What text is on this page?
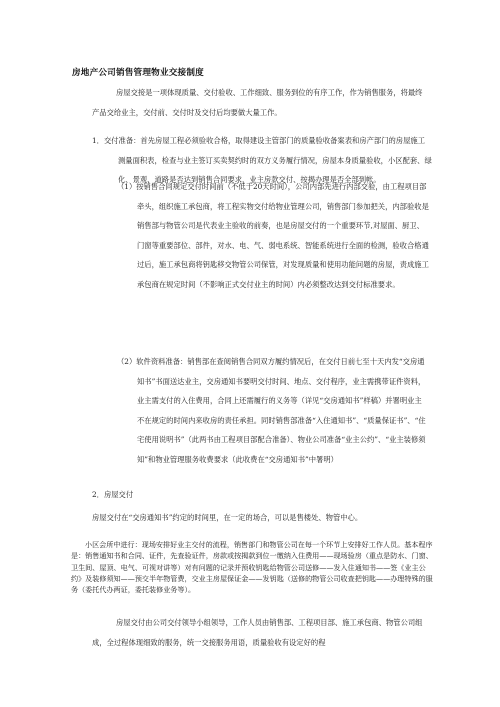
房地产公司销售管理物业交接制度
房屋交接是一项体现质量、交付验收、工作细致、服务到位的有序工作，作为销售服务，将最终产品交给业主，交付前、交付时及交付后均要做大量工作。
1．交付准备：首先房屋工程必须验收合格，取得建设主管部门的质量验收备案表和房产部门的房屋施工测量面积表，检查与业主签订买卖契约时的双方义务履行情况，房屋本身质量验收，小区配套、绿化、景观、道路是否达到销售合同要求，业主房款交付、按揭办理是否全部到帐。
（1）按销售合同规定交付时间前（不低于20天时间），公司内部先进行内部交验，由工程项目部牵头，组织施工承包商，将工程实物交付给物业管理公司，销售部门参加把关，内部验收是销售部与物管公司是代表业主验收的前奏，也是房屋交付的一个重要环节,对屋面、厨卫、门窗等重要部位、部件，对水、电、气、弱电系统、智能系统进行全面的检测，验收合格通过后，施工承包商将钥匙移交物管公司保管，对发现质量和使用功能问题的房屋，责成施工承包商在规定时间（不影响正式交付业主的时间）内必须整改达到交付标准要求。
（2）软件资料准备：销售部在查阅销售合同双方履约情况后，在交付日前七至十天内发“交房通知书”书面送达业主，交房通知书要明交付时间、地点、交付程序，业主需携带证件资料，业主需支付的入住费用，合同上还需履行的义务等（详见“交房通知书”样稿）并署明业主不在规定的时间内来收房的责任承担。同时销售部准备“入住通知书”、“质量保证书”、“住宅使用说明书”（此两书由工程项目部配合准备）、物业公司准备“业主公约”、“业主装修须知”和物业管理服务收费要求（此收费在“交房通知书”中署明）
2．房屋交付
房屋交付在“交房通知书”约定的时间里，在一定的场合，可以是售楼处、物管中心。
小区会所中进行：现场安排好业主交付的流程，销售部门和物管公司在每一个环节上安排好工作人员。基本程序是：销售通知书和合同、证件，先查验证件，房款或按揭款到位一缴纳入住费用——现场验房（重点是防水、门窗、卫生间、屋顶、电气、可视对讲等）对有问题的记录并预收钥匙给物管公司送修——发入住通知书——签《业主公约》及装修须知——预交半年物管费，交业主房屋保证金——发钥匙（送修的物管公司收查把钥匙——办理特殊的服务（委托代办两证，委托装修业务等）。
房屋交付由公司交付领导小组领导，工作人员由销售部、工程项目部、施工承包商、物管公司组成，全过程体现细致的服务，统一交接服务用语，质量验收有设定好的程
